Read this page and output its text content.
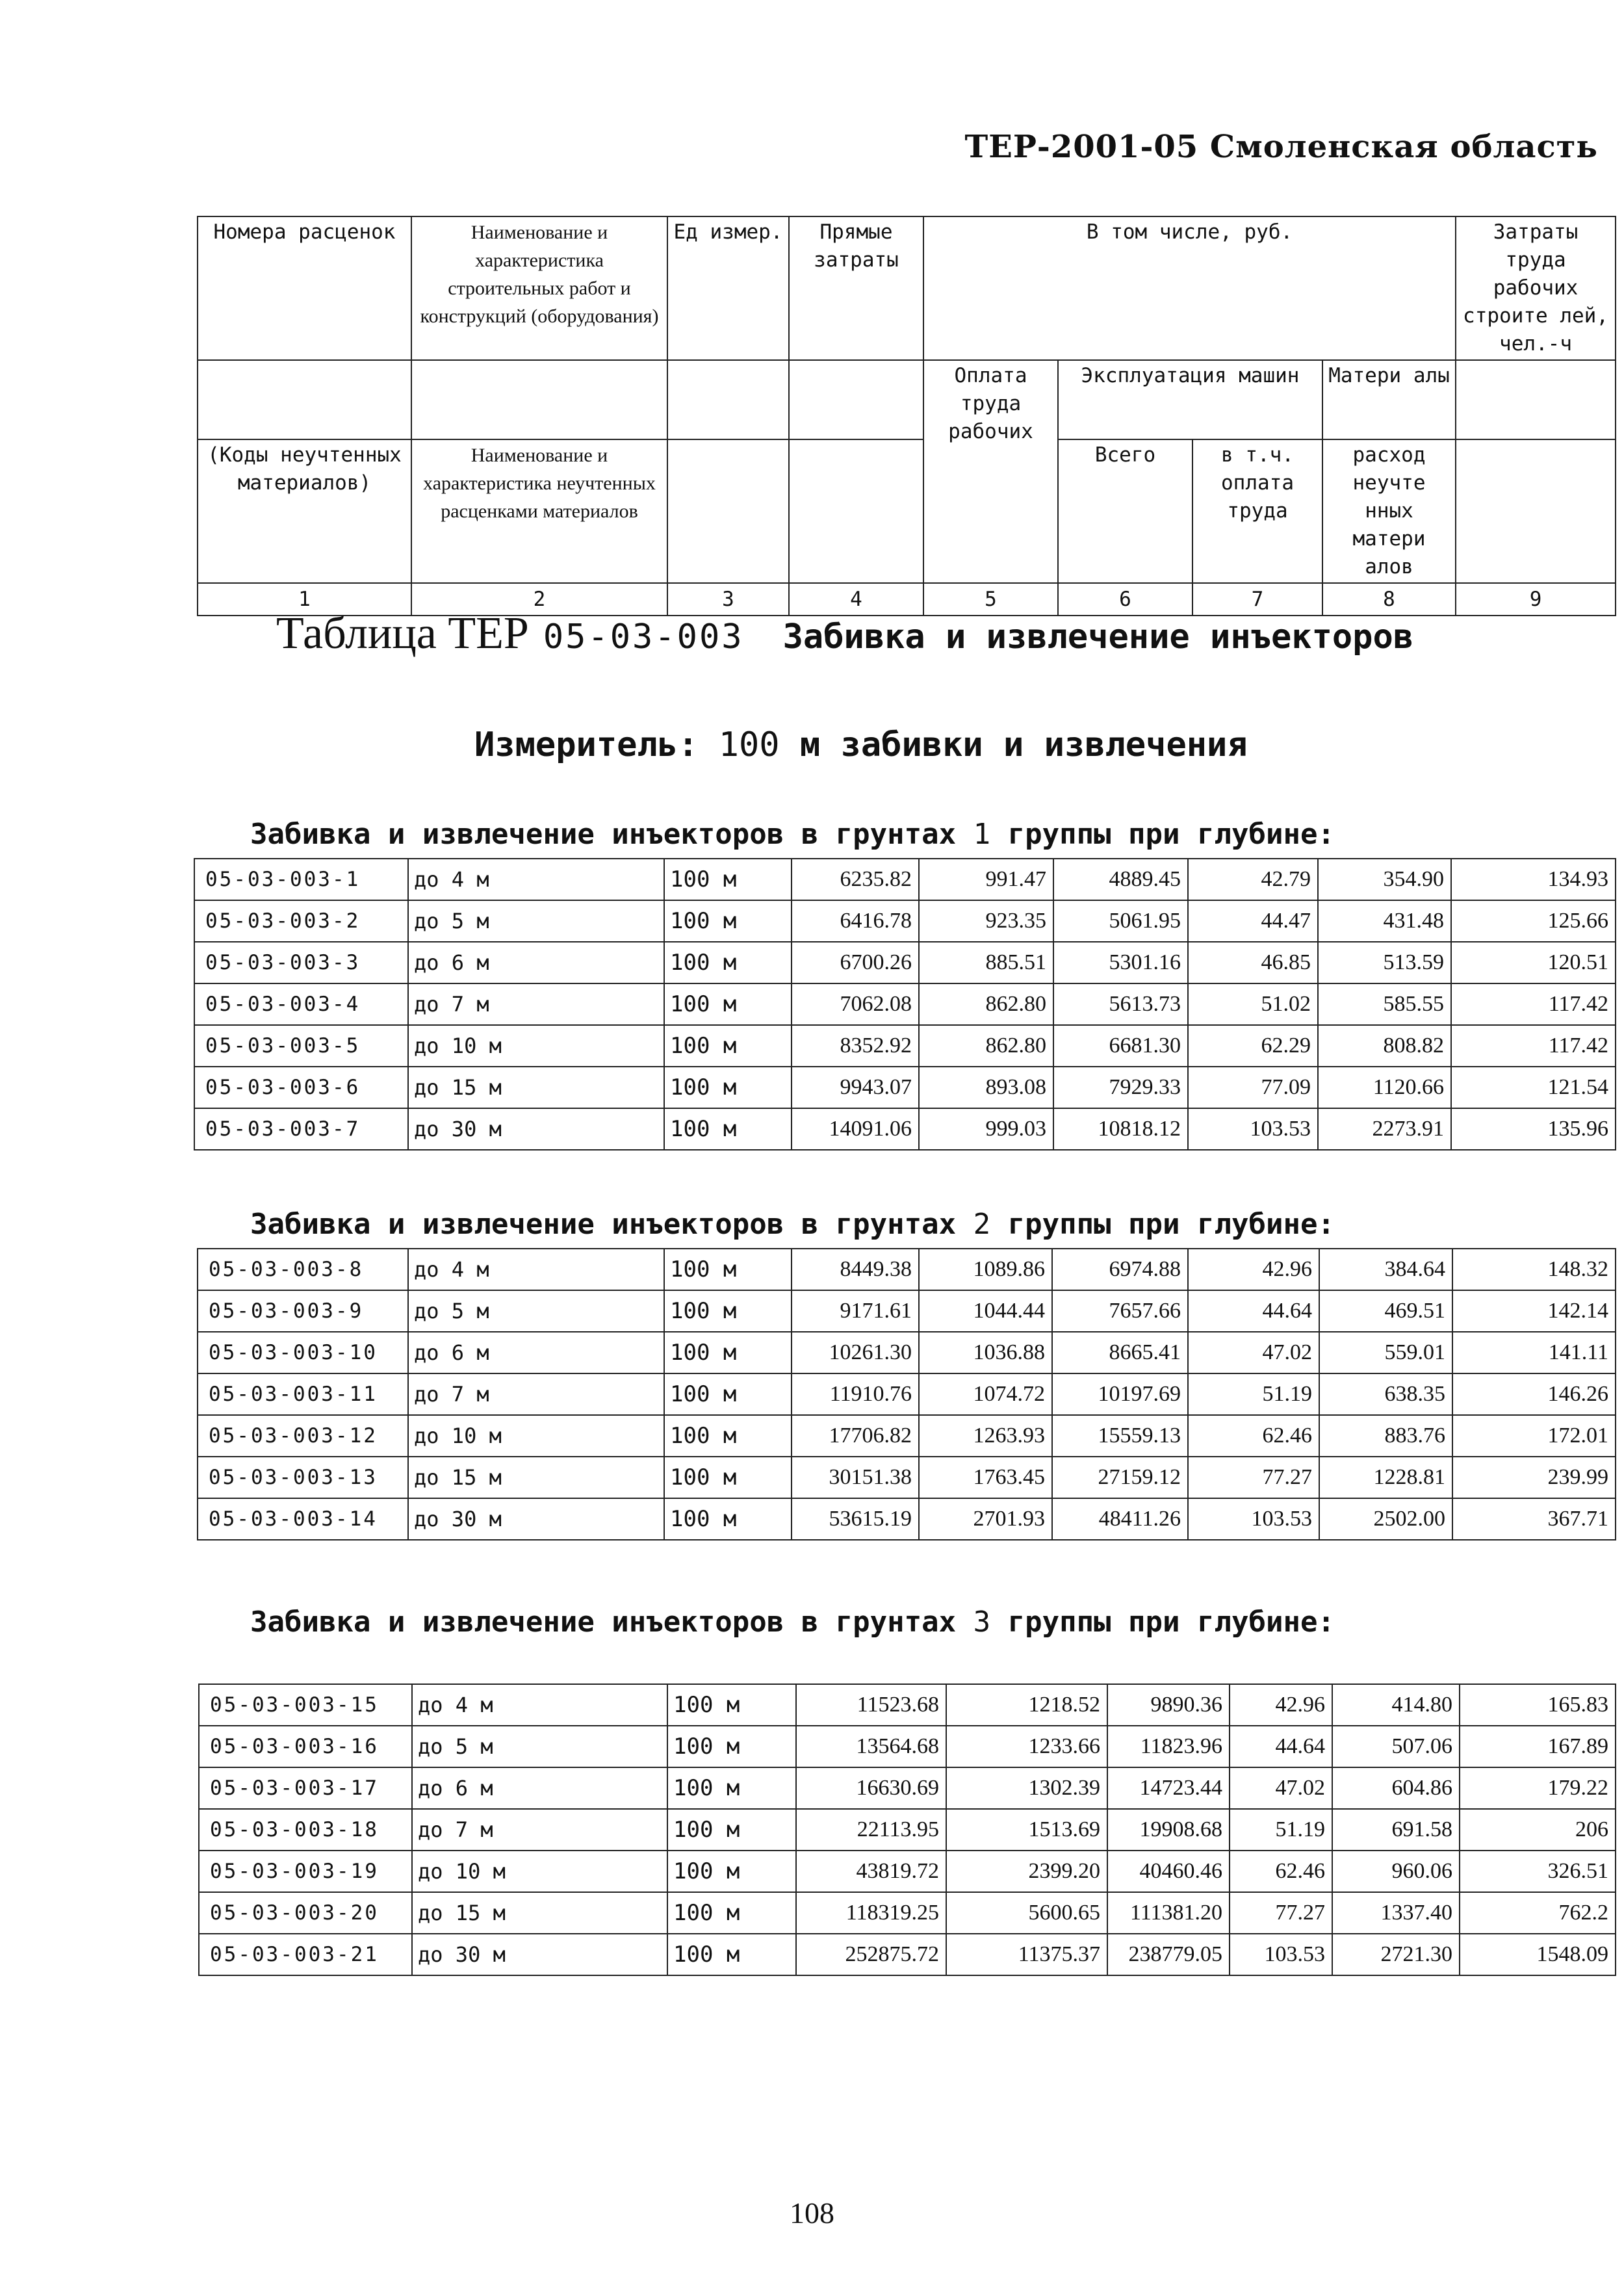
ТЕР-2001-05 Смоленская область
Номера расценок	Наименование и характеристика строительных работ и конструкций (оборудования)	Ед измер.	Прямые затраты	В том числе, руб.				Затраты труда рабочих строите лей, чел.-ч

				Оплата труда рабочих	Эксплуатация машин		Матери алы	
(Коды неучтенных материалов)	Наименование и характеристика неучтенных расценками материалов				Всего	в т.ч. оплата труда	расход неучте нных матери алов	
1	2	3	4	5	6	7	8	9
Таблица ТЕР 05-03-003 Забивка и извлечение инъекторов
Измеритель: 100 м забивки и извлечения
Забивка и извлечение инъекторов в грунтах 1 группы при глубине:
05-03-003-1	до 4 м	100 м	6235.82	991.47	4889.45	42.79	354.90	134.93
05-03-003-2	до 5 м	100 м	6416.78	923.35	5061.95	44.47	431.48	125.66
05-03-003-3	до 6 м	100 м	6700.26	885.51	5301.16	46.85	513.59	120.51
05-03-003-4	до 7 м	100 м	7062.08	862.80	5613.73	51.02	585.55	117.42
05-03-003-5	до 10 м	100 м	8352.92	862.80	6681.30	62.29	808.82	117.42
05-03-003-6	до 15 м	100 м	9943.07	893.08	7929.33	77.09	1120.66	121.54
05-03-003-7	до 30 м	100 м	14091.06	999.03	10818.12	103.53	2273.91	135.96
Забивка и извлечение инъекторов в грунтах 2 группы при глубине:
05-03-003-8	до 4 м	100 м	8449.38	1089.86	6974.88	42.96	384.64	148.32
05-03-003-9	до 5 м	100 м	9171.61	1044.44	7657.66	44.64	469.51	142.14
05-03-003-10	до 6 м	100 м	10261.30	1036.88	8665.41	47.02	559.01	141.11
05-03-003-11	до 7 м	100 м	11910.76	1074.72	10197.69	51.19	638.35	146.26
05-03-003-12	до 10 м	100 м	17706.82	1263.93	15559.13	62.46	883.76	172.01
05-03-003-13	до 15 м	100 м	30151.38	1763.45	27159.12	77.27	1228.81	239.99
05-03-003-14	до 30 м	100 м	53615.19	2701.93	48411.26	103.53	2502.00	367.71
Забивка и извлечение инъекторов в грунтах 3 группы при глубине:
05-03-003-15	до 4 м	100 м	11523.68	1218.52	9890.36	42.96	414.80	165.83
05-03-003-16	до 5 м	100 м	13564.68	1233.66	11823.96	44.64	507.06	167.89
05-03-003-17	до 6 м	100 м	16630.69	1302.39	14723.44	47.02	604.86	179.22
05-03-003-18	до 7 м	100 м	22113.95	1513.69	19908.68	51.19	691.58	206
05-03-003-19	до 10 м	100 м	43819.72	2399.20	40460.46	62.46	960.06	326.51
05-03-003-20	до 15 м	100 м	118319.25	5600.65	111381.20	77.27	1337.40	762.2
05-03-003-21	до 30 м	100 м	252875.72	11375.37	238779.05	103.53	2721.30	1548.09
108
